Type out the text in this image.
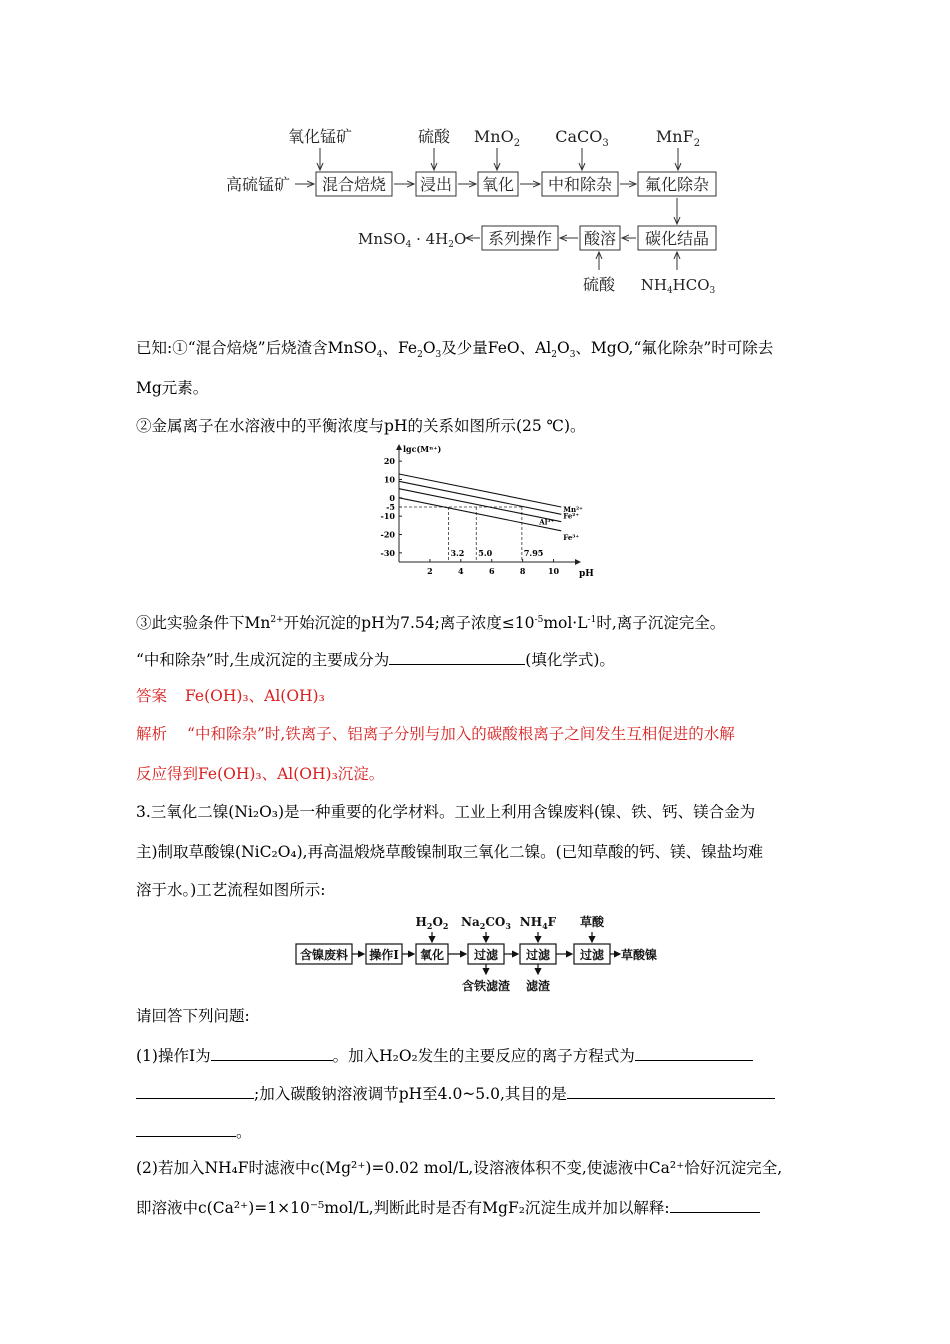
氧化锰矿	硫酸 MnO$_2$ CaCO$_3$	MnF$_2$
高硫锰矿 混合焙烧 浸出 氧化 中和除杂 氟化除杂
碳化结晶
酸溶
系列操作
MnSO$_4$ · $4H_2O$
$NH_4HCO_3$
硫酸
已知:①“混合焙烧”后烧渣含MnSO$_4$、$Fe_2O_3$及少量FeO、$Al_2O_3$、MgO,“氟化除杂”时可除去
Mg元素。
②金属离子在水溶液中的平衡浓度与pH的关系如图所示(25 ℃)。
lgc(Mⁿ⁺)
pH
20
10
0
-5
-10
-20
-30
2	4	6	8	10
3.2 5.0	7.95
Mn²⁺
Fe²⁺
Al³⁺
Fe³⁺
③此实验条件下$Mn^{2+}$开始沉淀的pH为7.54;离子浓度$\le 10^{-5}mol\cdot L^{-1}$时,离子沉淀完全。
“中和除杂”时,生成沉淀的主要成分为	(填化学式)。
答案 Fe(OH)₃、Al(OH)₃
解析 “中和除杂”时,铁离子、铝离子分别与加入的碳酸根离子之间发生互相促进的水解
反应得到Fe(OH)₃、Al(OH)₃沉淀。
3.三氧化二镍(Ni₂O₃)是一种重要的化学材料。工业上利用含镍废料(镍、铁、钙、镁合金为
主)制取草酸镍(NiC₂O₄),再高温煅烧草酸镍制取三氧化二镍。(已知草酸的钙、镁、镍盐均难
溶于水。)工艺流程如图所示:
$H_2O_2$ $Na_2CO_3$ $NH_4F$ 草酸
含镍废料 操作I 氧化 过滤 过滤 过滤 草酸镍
含铁滤渣 滤渣
请回答下列问题:
(1)操作Ⅰ为	。加入H₂O₂发生的主要反应的离子方程式为
;加入碳酸钠溶液调节pH至4.0~5.0,其目的是
。
(2)若加入NH₄F时滤液中c(Mg²⁺)=0.02 mol/L,设溶液体积不变,使滤液中Ca²⁺恰好沉淀完全,
即溶液中c(Ca²⁺)=1×10⁻⁵mol/L,判断此时是否有MgF₂沉淀生成并加以解释:
